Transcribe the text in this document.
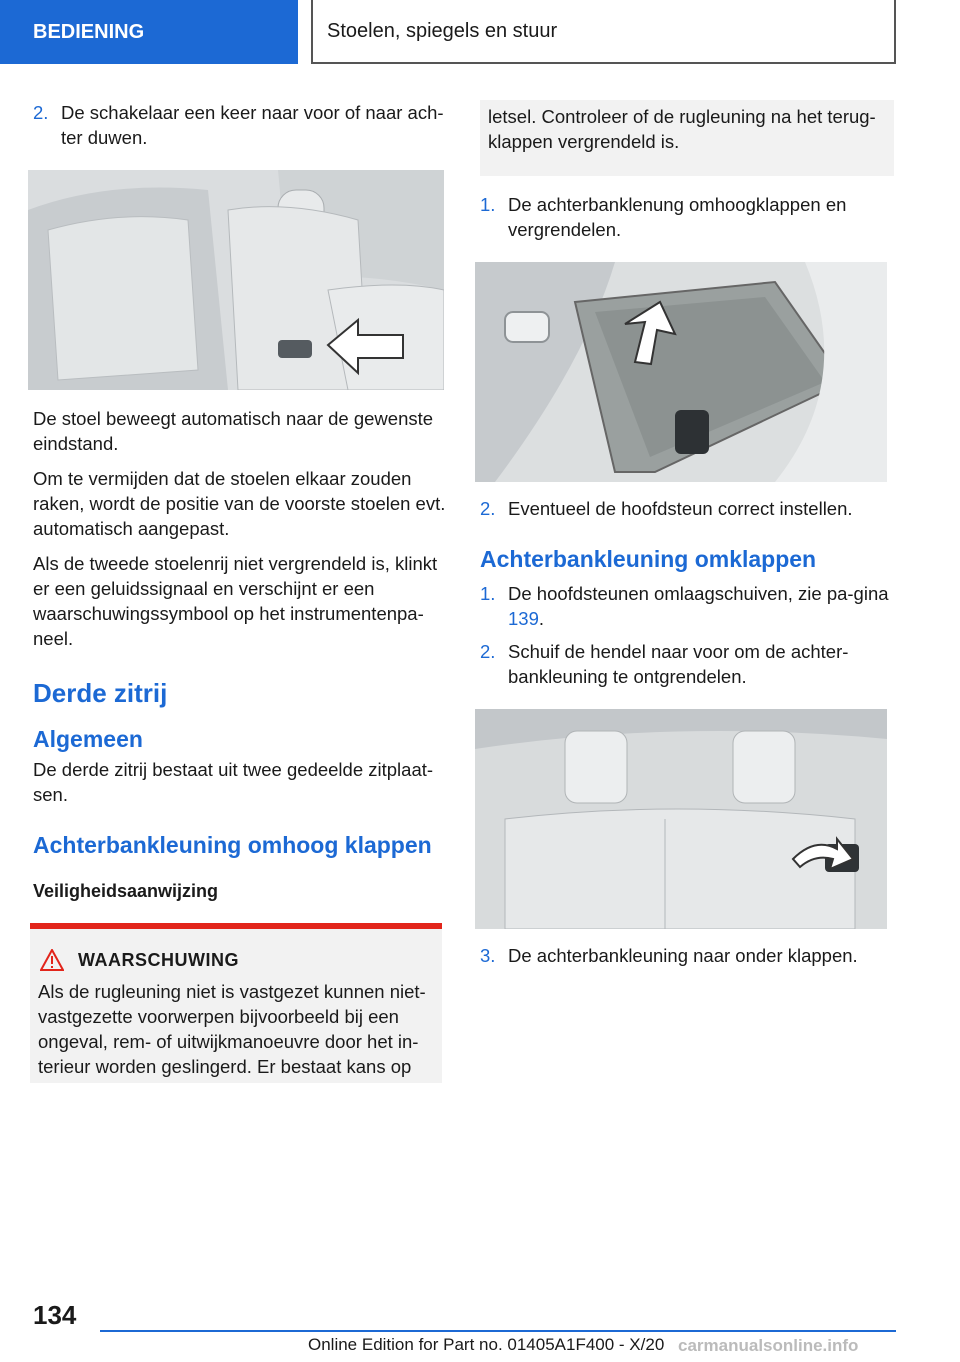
BEDIENING	Stoelen, spiegels en stuur
2. De schakelaar een keer naar voor of naar ach-ter duwen.

De stoel beweegt automatisch naar de gewenste eindstand.

Om te vermijden dat de stoelen elkaar zouden raken, wordt de positie van de voorste stoelen evt. automatisch aangepast.

Als de tweede stoelenrij niet vergrendeld is, klinkt er een geluidssignaal en verschijnt er een waarschuwingssymbool op het instrumentenpa-neel.

Derde zitrij
Algemeen

De derde zitrij bestaat uit twee gedeelde zitplaat-sen.

Achterbankleuning omhoog klappen
Veiligheidsaanwijzing
WAARSCHUWING

Als de rugleuning niet is vastgezet kunnen niet-vastgezette voorwerpen bijvoorbeeld bij een ongeval, rem- of uitwijkmanoeuvre door het in-terieur worden geslingerd. Er bestaat kans op

letsel. Controleer of de rugleuning na het terug-klappen vergrendeld is.

1. De achterbanklenung omhoogklappen en vergrendelen.
2. Eventueel de hoofdsteun correct instellen.
Achterbankleuning omklappen
1. De hoofdsteunen omlaagschuiven, zie pa-gina 139.
2. Schuif de hendel naar voor om de achter-bankleuning te ontgrendelen.
3. De achterbankleuning naar onder klappen.
134
Online Edition for Part no. 01405A1F400 - X/20 carmanualsonline.info
